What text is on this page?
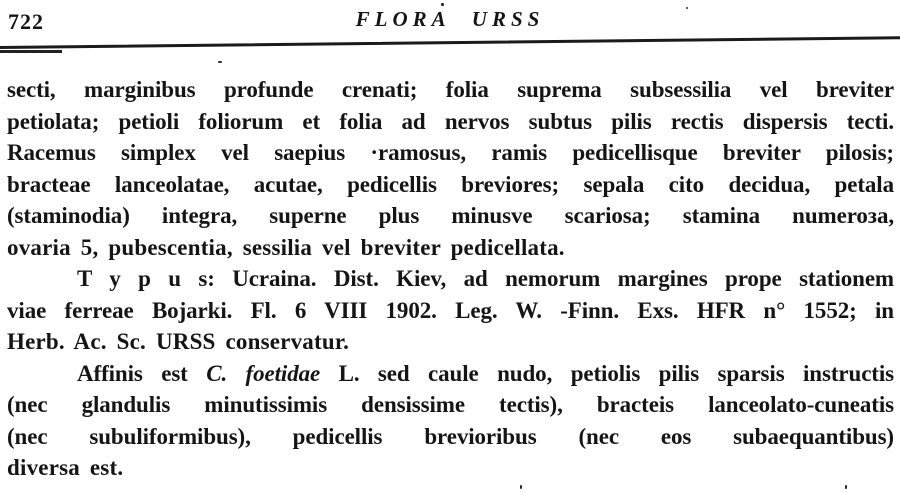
722	FLORA URSS
secti, marginibus profunde crenati; folia suprema subsessilia vel breviter
petiolata; petioli foliorum et folia ad nervos subtus pilis rectis dispersis tecti.
Racemus simplex vel saepius ·ramosus, ramis pedicellisque breviter pilosis;
bracteae lanceolatae, acutae, pedicellis breviores; sepala cito decidua, petala
(staminodia) integra, superne plus minusve scariosa; stamina numeroзa,
ovaria 5, pubescentia, sessilia vel breviter pedicellata.
T y p u s: Ucraina. Dist. Kiev, ad nemorum margines prope stationem
viae ferreae Bojarki. Fl. 6 VIII 1902. Leg. W. -Finn. Exs. HFR n° 1552; in
Herb. Ac. Sc. URSS conservatur.
Affinis est C. foetidae L. sed caule nudo, petiolis pilis sparsis instructis
(nec glandulis minutissimis densissime tectis), bracteis lanceolato-cuneatis
(nec subuliformibus), pedicellis brevioribus (nec eos subaequantibus)
diversa est.
